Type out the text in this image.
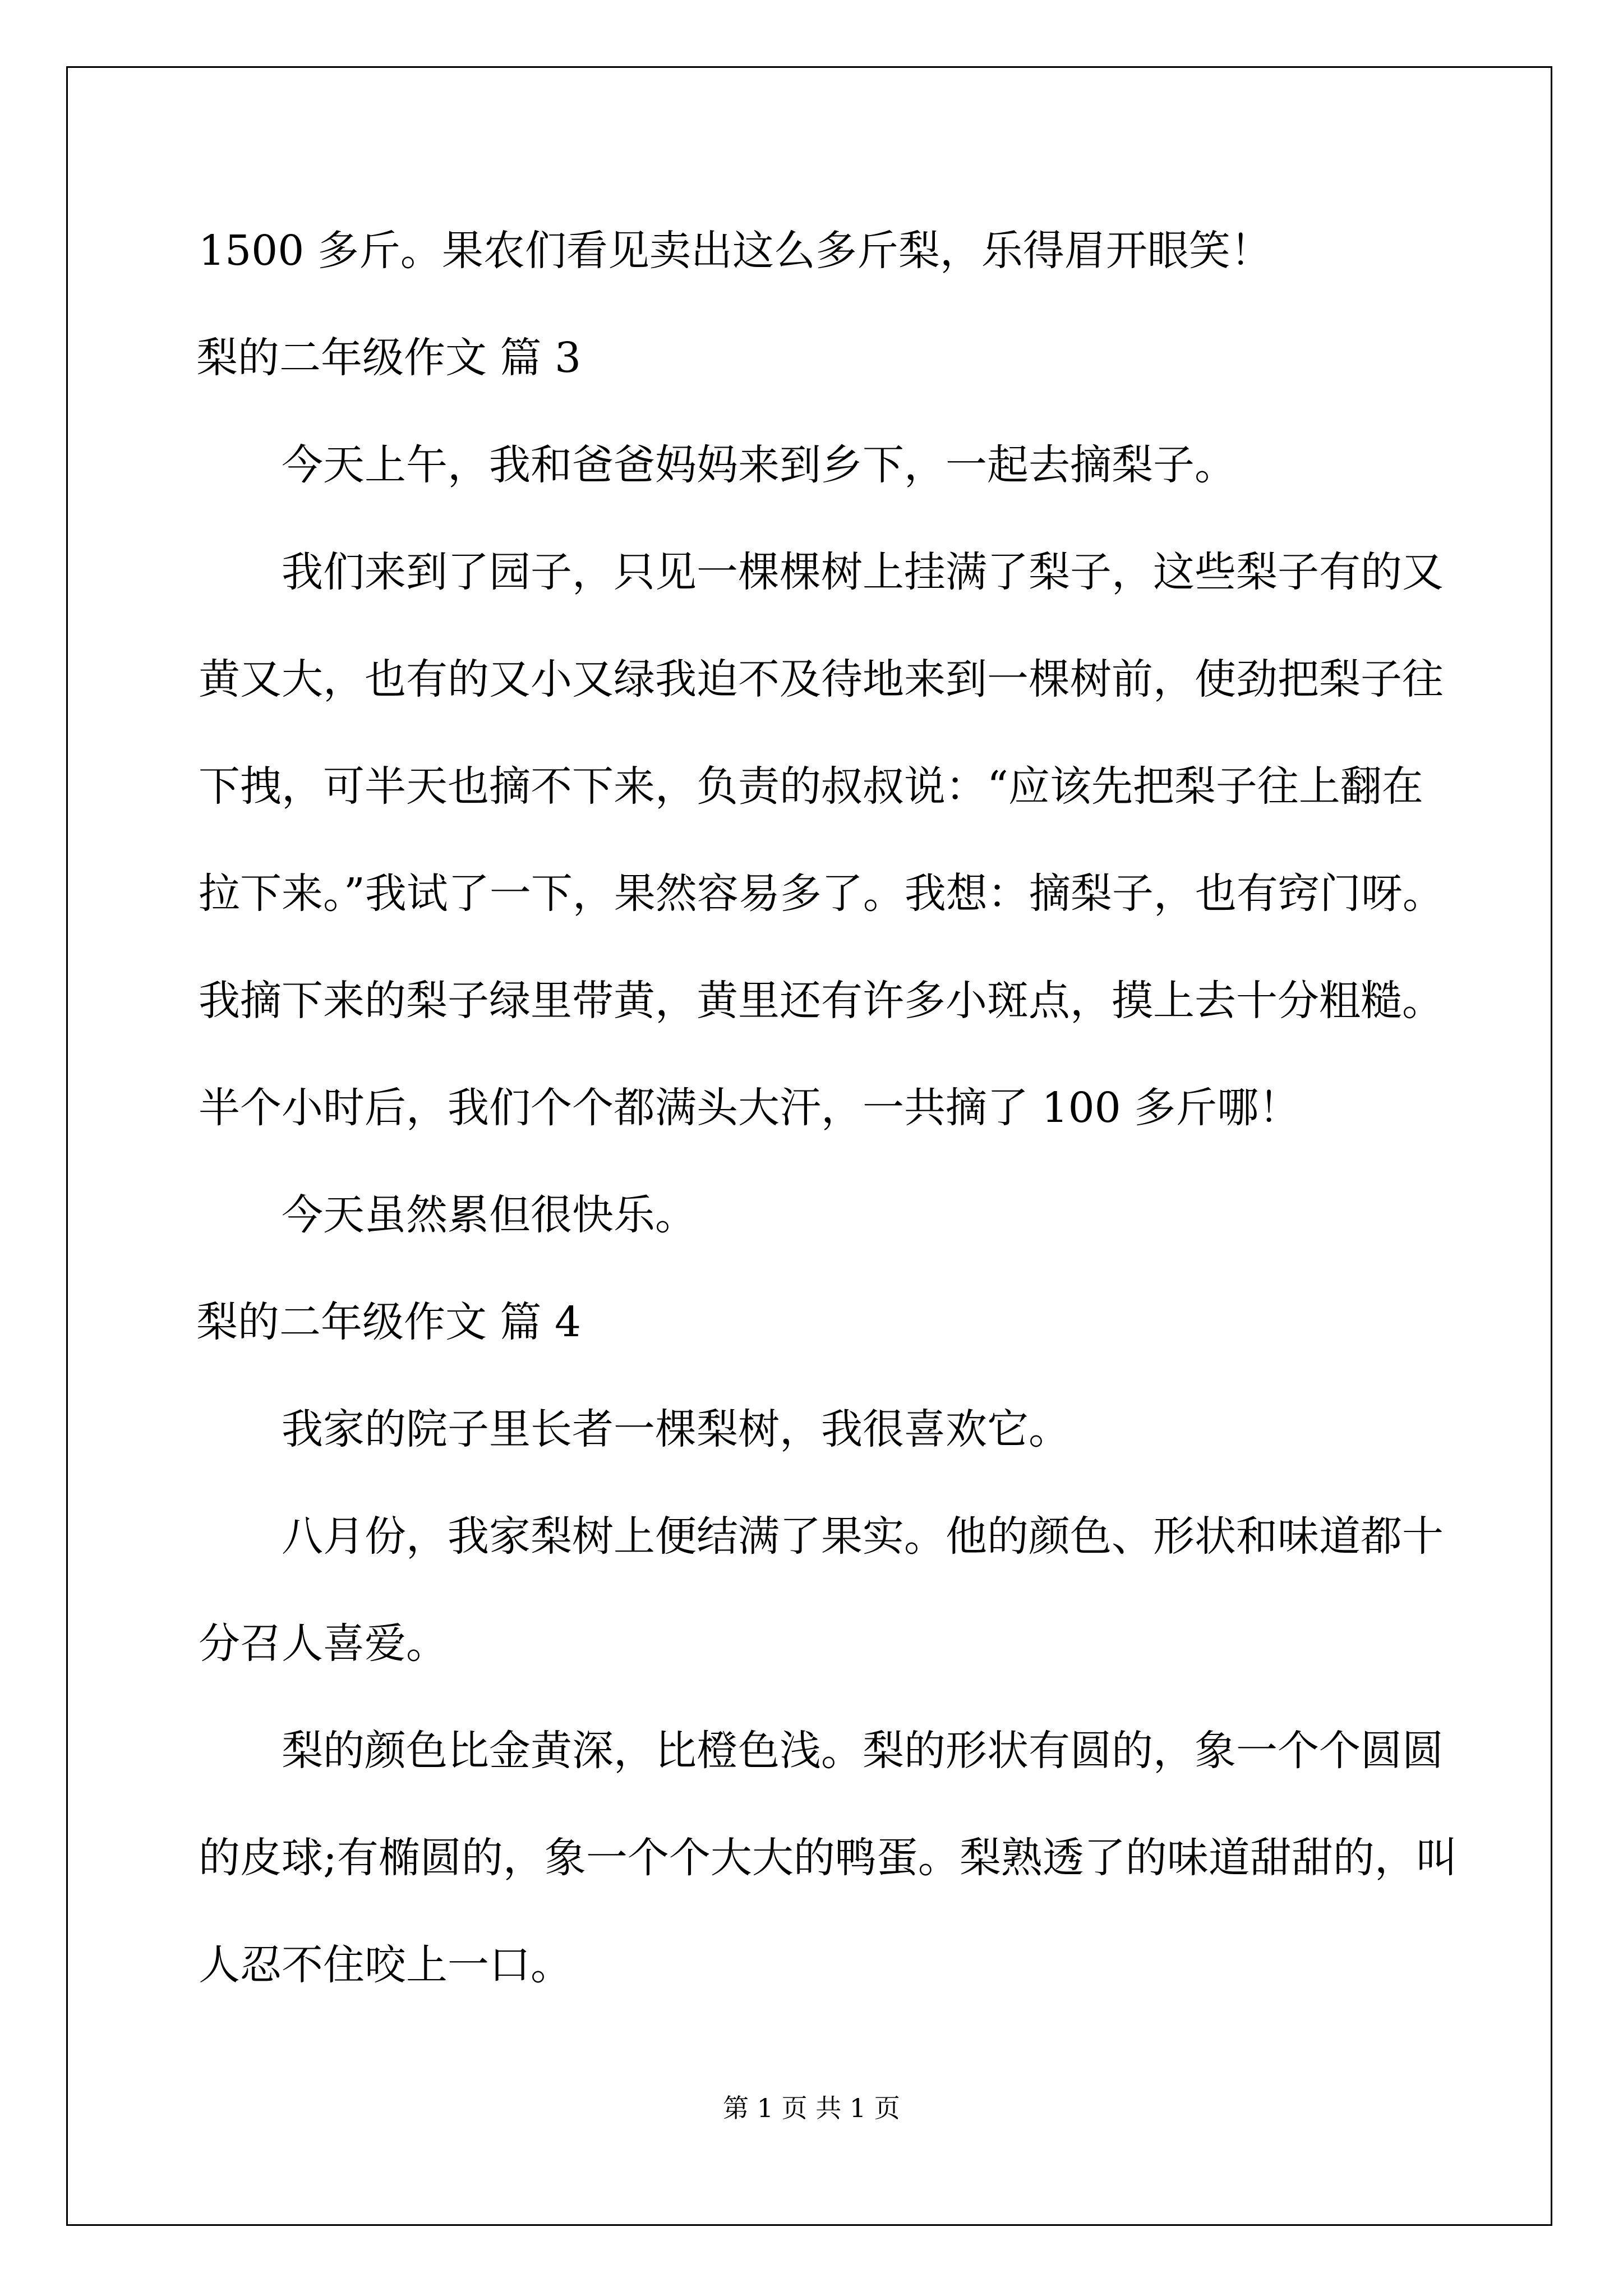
1500 多斤。果农们看见卖出这么多斤梨，乐得眉开眼笑！
梨的二年级作文 篇 3
今天上午，我和爸爸妈妈来到乡下，一起去摘梨子。
我们来到了园子，只见一棵棵树上挂满了梨子，这些梨子有的又
黄又大，也有的又小又绿我迫不及待地来到一棵树前，使劲把梨子往
下拽，可半天也摘不下来，负责的叔叔说：“应该先把梨子往上翻在
拉下来。”我试了一下，果然容易多了。我想：摘梨子，也有窍门呀。
我摘下来的梨子绿里带黄，黄里还有许多小斑点，摸上去十分粗糙。
半个小时后，我们个个都满头大汗，一共摘了 100 多斤哪！
今天虽然累但很快乐。
梨的二年级作文 篇 4
我家的院子里长者一棵梨树，我很喜欢它。
八月份，我家梨树上便结满了果实。他的颜色、形状和味道都十
分召人喜爱。
梨的颜色比金黄深，比橙色浅。梨的形状有圆的，象一个个圆圆
的皮球;有椭圆的，象一个个大大的鸭蛋。梨熟透了的味道甜甜的，叫
人忍不住咬上一口。
第 1 页 共 1 页
